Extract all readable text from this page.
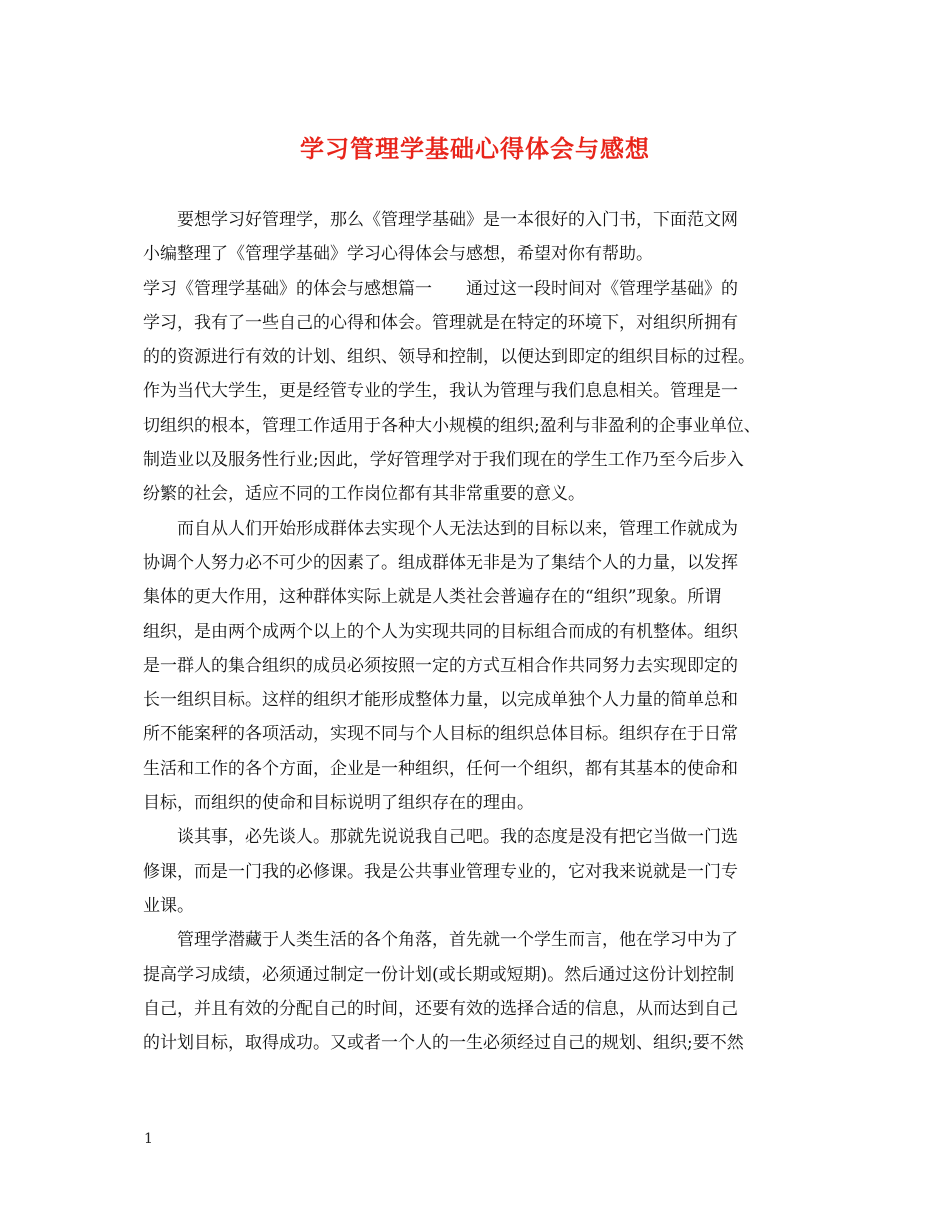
学习管理学基础心得体会与感想
要想学习好管理学，那么《管理学基础》是一本很好的入门书，下面范文网
小编整理了《管理学基础》学习心得体会与感想，希望对你有帮助。
学习《管理学基础》的体会与感想篇一　　通过这一段时间对《管理学基础》的
学习，我有了一些自己的心得和体会。管理就是在特定的环境下，对组织所拥有
的的资源进行有效的计划、组织、领导和控制，以便达到即定的组织目标的过程。
作为当代大学生，更是经管专业的学生，我认为管理与我们息息相关。管理是一
切组织的根本，管理工作适用于各种大小规模的组织;盈利与非盈利的企事业单位、
制造业以及服务性行业;因此，学好管理学对于我们现在的学生工作乃至今后步入
纷繁的社会，适应不同的工作岗位都有其非常重要的意义。
而自从人们开始形成群体去实现个人无法达到的目标以来，管理工作就成为
协调个人努力必不可少的因素了。组成群体无非是为了集结个人的力量，以发挥
集体的更大作用，这种群体实际上就是人类社会普遍存在的“组织”现象。所谓
组织，是由两个成两个以上的个人为实现共同的目标组合而成的有机整体。组织
是一群人的集合组织的成员必须按照一定的方式互相合作共同努力去实现即定的
长一组织目标。这样的组织才能形成整体力量，以完成单独个人力量的简单总和
所不能案秤的各项活动，实现不同与个人目标的组织总体目标。组织存在于日常
生活和工作的各个方面，企业是一种组织，任何一个组织，都有其基本的使命和
目标，而组织的使命和目标说明了组织存在的理由。
谈其事，必先谈人。那就先说说我自己吧。我的态度是没有把它当做一门选
修课，而是一门我的必修课。我是公共事业管理专业的，它对我来说就是一门专
业课。
管理学潜藏于人类生活的各个角落，首先就一个学生而言，他在学习中为了
提高学习成绩，必须通过制定一份计划(或长期或短期)。然后通过这份计划控制
自己，并且有效的分配自己的时间，还要有效的选择合适的信息，从而达到自己
的计划目标，取得成功。又或者一个人的一生必须经过自己的规划、组织;要不然
1
